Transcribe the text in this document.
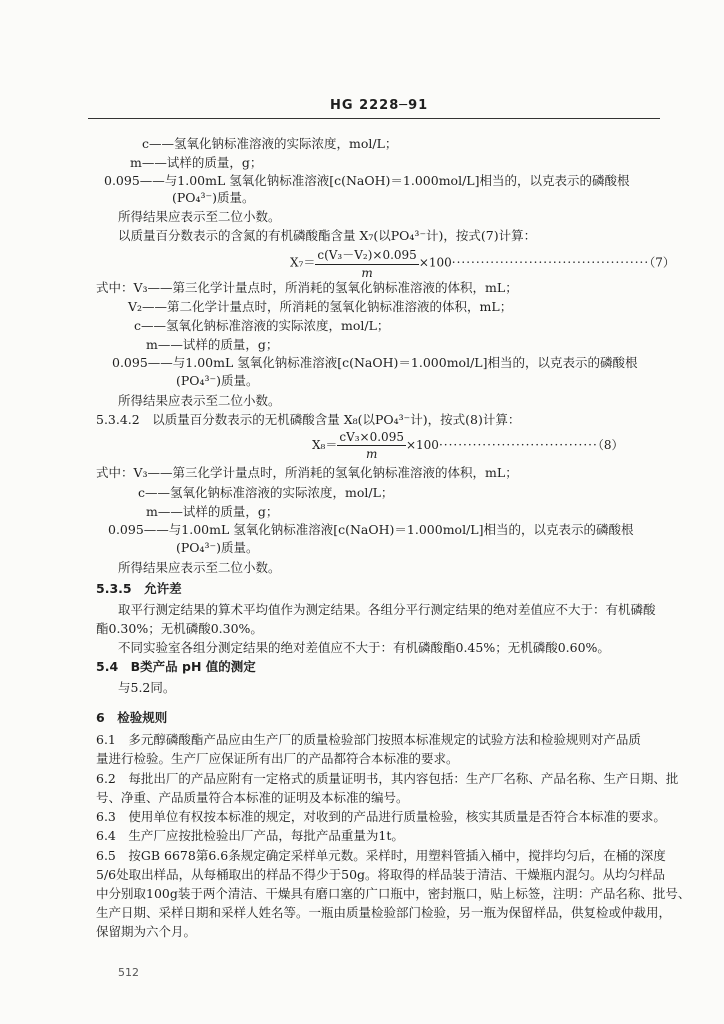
HG 2228─91
c——氢氧化钠标准溶液的实际浓度，mol/L；
m——试样的质量，g；
0.095——与1.00mL 氢氧化钠标准溶液[c(NaOH)＝1.000mol/L]相当的，以克表示的磷酸根
(PO₄³⁻)质量。
所得结果应表示至二位小数。
以质量百分数表示的含氮的有机磷酸酯含量 X₇(以PO₄³⁻计)，按式(7)计算：
$X_7= \frac{\text{c(V₃－V₂)×0.095}}{m} \times 100\cdot\cdot\cdot\cdot\cdot\cdot\cdot\cdot\cdot\cdot\cdot\cdot\cdot\cdot\cdot\cdot\cdot\cdot\cdot\cdot\cdot\cdot\cdot\cdot\cdot\cdot\cdot\cdot\cdot\cdot\cdot\cdot\cdot\cdot\cdot\cdot\cdot\cdot\cdot\cdot\cdot(7)$
式中：V₃——第三化学计量点时，所消耗的氢氧化钠标准溶液的体积，mL；
V₂——第二化学计量点时，所消耗的氢氧化钠标准溶液的体积，mL；
c——氢氧化钠标准溶液的实际浓度，mol/L；
m——试样的质量，g；
0.095——与1.00mL 氢氧化钠标准溶液[c(NaOH)＝1.000mol/L]相当的，以克表示的磷酸根
(PO₄³⁻)质量。
所得结果应表示至二位小数。
5.3.4.2　以质量百分数表示的无机磷酸含量 X₈(以PO₄³⁻计)，按式(8)计算：
$X_8= \frac{\text{cV₃×0.095}}{m} \times 100\cdot\cdot\cdot\cdot\cdot\cdot\cdot\cdot\cdot\cdot\cdot\cdot\cdot\cdot\cdot\cdot\cdot\cdot\cdot\cdot\cdot\cdot\cdot\cdot\cdot\cdot\cdot\cdot\cdot\cdot\cdot\cdot\cdot(8)$
式中：V₃——第三化学计量点时，所消耗的氢氧化钠标准溶液的体积，mL；
c——氢氧化钠标准溶液的实际浓度，mol/L；
m——试样的质量，g；
0.095——与1.00mL 氢氧化钠标准溶液[c(NaOH)＝1.000mol/L]相当的，以克表示的磷酸根
(PO₄³⁻)质量。
所得结果应表示至二位小数。
5.3.5　允许差
取平行测定结果的算术平均值作为测定结果。各组分平行测定结果的绝对差值应不大于：有机磷酸
酯0.30%；无机磷酸0.30%。
不同实验室各组分测定结果的绝对差值应不大于：有机磷酸酯0.45%；无机磷酸0.60%。
5.4　B类产品 pH 值的测定
与5.2同。
6　检验规则
6.1　多元醇磷酸酯产品应由生产厂的质量检验部门按照本标准规定的试验方法和检验规则对产品质
量进行检验。生产厂应保证所有出厂的产品都符合本标准的要求。
6.2　每批出厂的产品应附有一定格式的质量证明书，其内容包括：生产厂名称、产品名称、生产日期、批
号、净重、产品质量符合本标准的证明及本标准的编号。
6.3　使用单位有权按本标准的规定，对收到的产品进行质量检验，核实其质量是否符合本标准的要求。
6.4　生产厂应按批检验出厂产品，每批产品重量为1t。
6.5　按GB 6678第6.6条规定确定采样单元数。采样时，用塑料管插入桶中，搅拌均匀后，在桶的深度
5/6处取出样品，从每桶取出的样品不得少于50g。将取得的样品装于清洁、干燥瓶内混匀。从均匀样品
中分别取100g装于两个清洁、干燥具有磨口塞的广口瓶中，密封瓶口，贴上标签，注明：产品名称、批号、
生产日期、采样日期和采样人姓名等。一瓶由质量检验部门检验，另一瓶为保留样品，供复检或仲裁用，
保留期为六个月。
512
